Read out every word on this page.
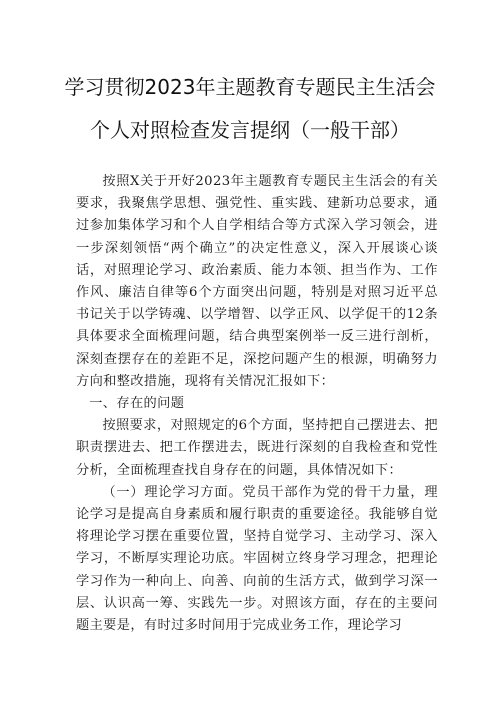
学习贯彻2023年主题教育专题民主生活会
个人对照检查发言提纲（一般干部）

按照X关于开好2023年主题教育专题民主生活会的有关要求，我聚焦学思想、强党性、重实践、建新功总要求，通过参加集体学习和个人自学相结合等方式深入学习领会，进一步深刻领悟“两个确立”的决定性意义，深入开展谈心谈话，对照理论学习、政治素质、能力本领、担当作为、工作作风、廉洁自律等6个方面突出问题，特别是对照习近平总书记关于以学铸魂、以学增智、以学正风、以学促干的12条具体要求全面梳理问题，结合典型案例举一反三进行剖析，深刻查摆存在的差距不足，深挖问题产生的根源，明确努力方向和整改措施，现将有关情况汇报如下：

一、存在的问题

按照要求，对照规定的6个方面，坚持把自己摆进去、把职责摆进去、把工作摆进去，既进行深刻的自我检查和党性分析，全面梳理查找自身存在的问题，具体情况如下：

（一）理论学习方面。党员干部作为党的骨干力量，理论学习是提高自身素质和履行职责的重要途径。我能够自觉将理论学习摆在重要位置，坚持自觉学习、主动学习、深入学习，不断厚实理论功底。牢固树立终身学习理念，把理论学习作为一种向上、向善、向前的生活方式，做到学习深一层、认识高一筹、实践先一步。对照该方面，存在的主要问题主要是，有时过多时间用于完成业务工作，理论学习
